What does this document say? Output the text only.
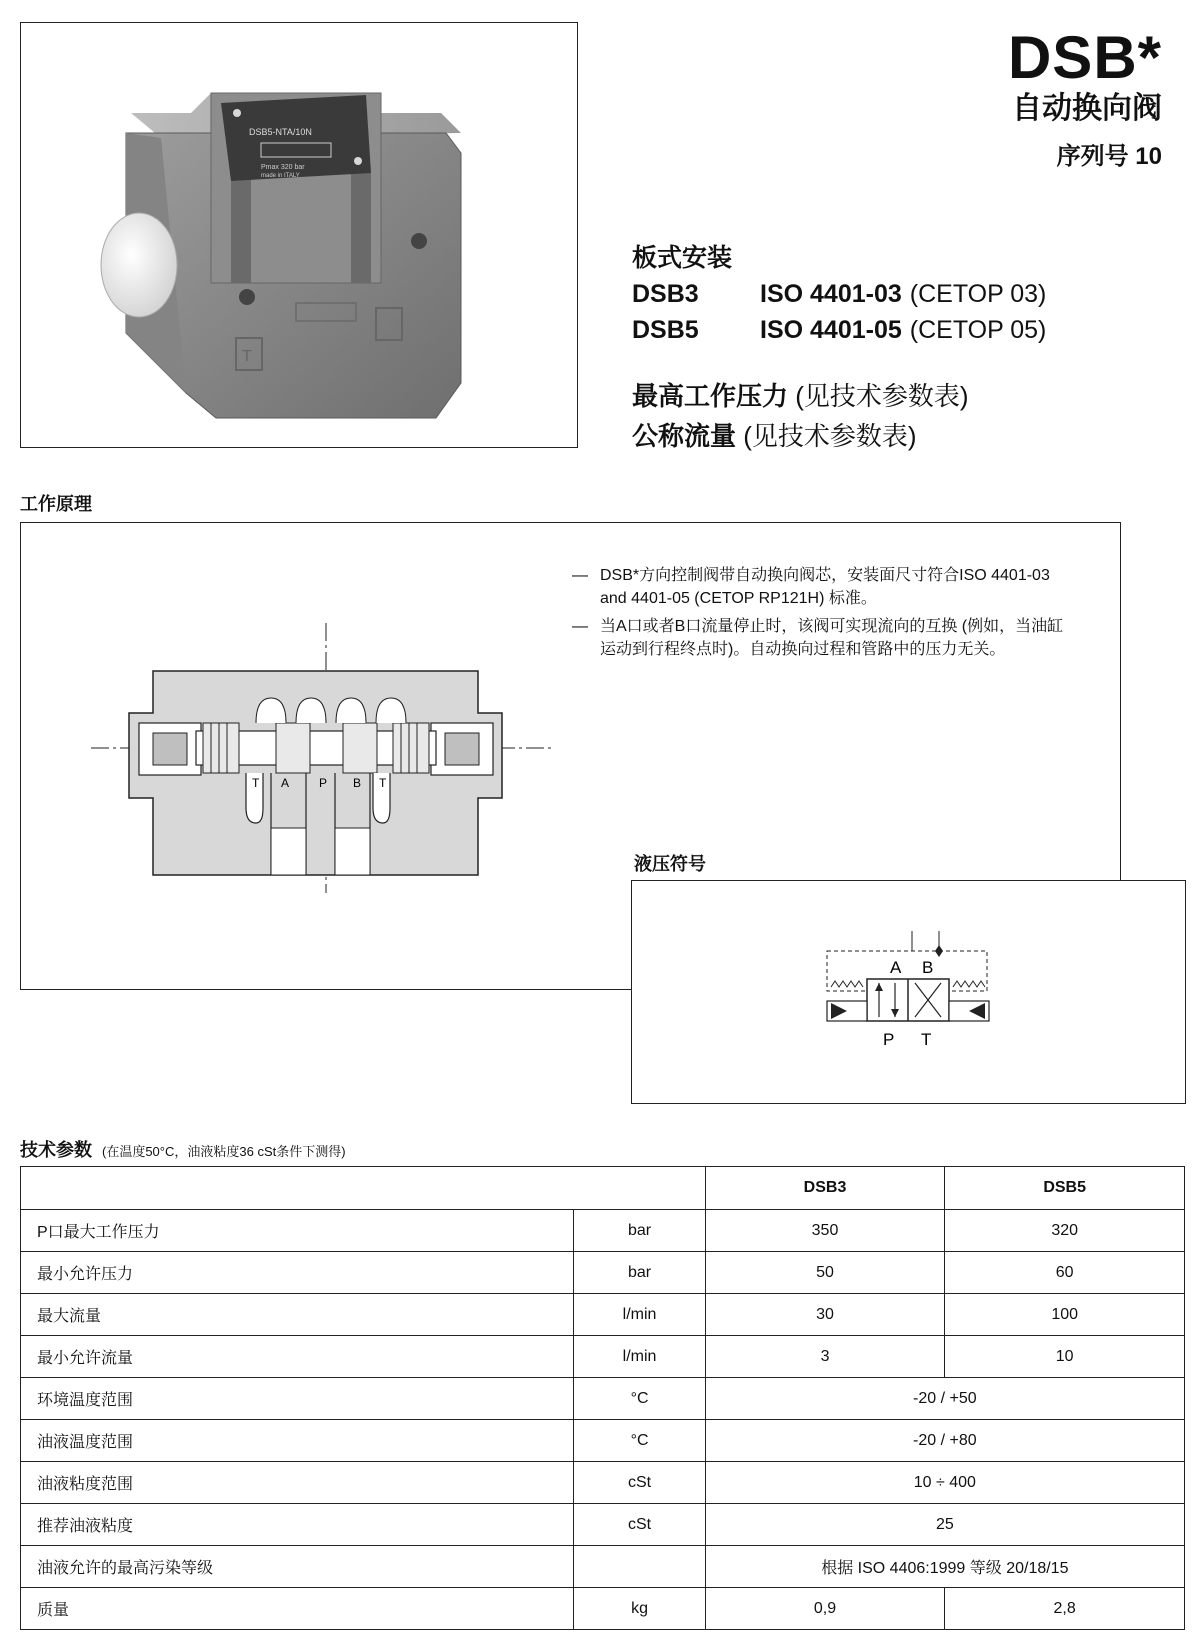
DSB5-NTA/10N
Pmax 320 bar
made in ITALY
T
DSB*
自动换向阀
序列号 10
板式安装
DSB3	ISO 4401-03 (CETOP 03)
DSB5	ISO 4401-05 (CETOP 05)
最高工作压力 (见技术参数表)
公称流量 (见技术参数表)
工作原理
T A P B T
— DSB*方向控制阀带自动换向阀芯，安装面尺寸符合ISO 4401-03 and 4401-05 (CETOP RP121H) 标准。
— 当A口或者B口流量停止时，该阀可实现流向的互换 (例如，当油缸运动到行程终点时)。自动换向过程和管路中的压力无关。
液压符号
A B
P T
技术参数 (在温度50°C，油液粘度36 cSt条件下测得)
		DSB3	DSB5
P口最大工作压力	bar	350	320
最小允许压力	bar	50	60
最大流量	l/min	30	100
最小允许流量	l/min	3	10
环境温度范围	°C	-20 / +50	
油液温度范围	°C	-20 / +80	
油液粘度范围	cSt	10 ÷ 400	
推荐油液粘度	cSt	25	
油液允许的最高污染等级		根据 ISO 4406:1999 等级 20/18/15	
质量	kg	0,9	2,8
